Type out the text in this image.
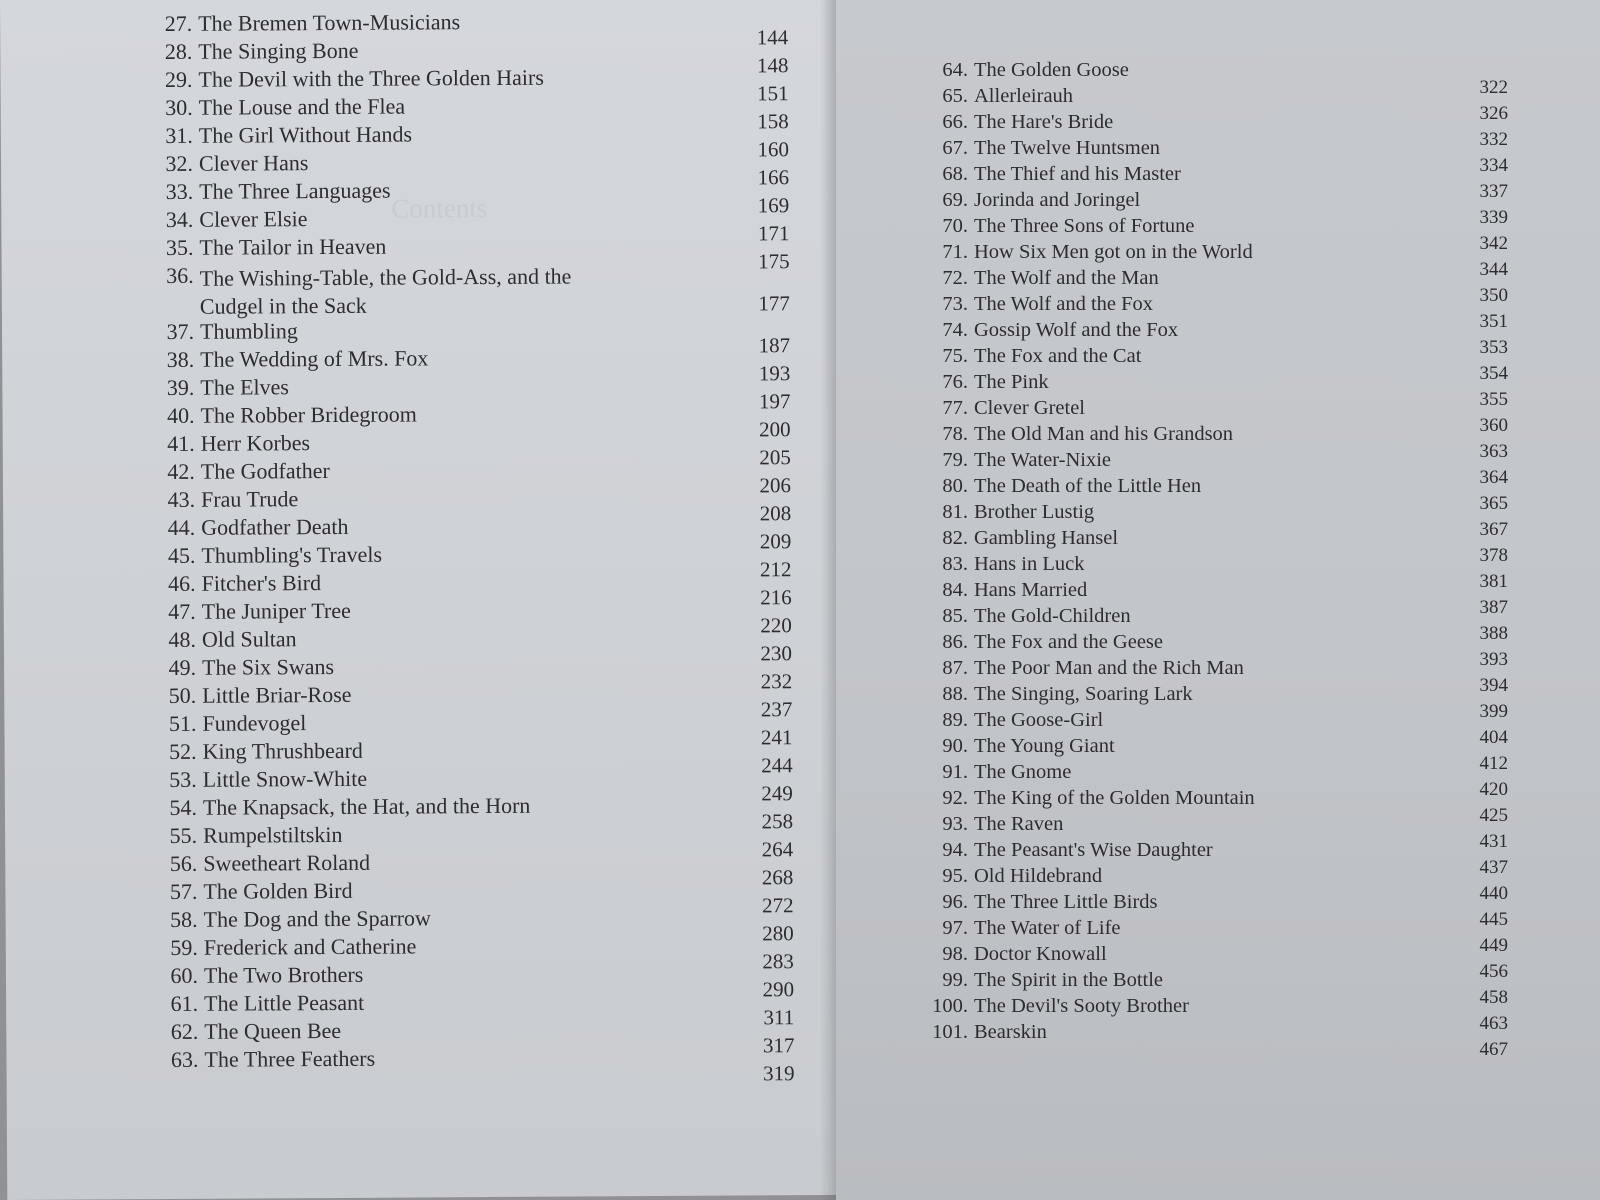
Contents
27. The Bremen Town-Musicians
144
28. The Singing Bone
148
29. The Devil with the Three Golden Hairs
151
30. The Louse and the Flea
158
31. The Girl Without Hands
160
32. Clever Hans
166
33. The Three Languages
169
34. Clever Elsie
171
35. The Tailor in Heaven
175
36. The Wishing-Table, the Gold-Ass, and the Cudgel in the Sack	177
37. Thumbling
187
38. The Wedding of Mrs. Fox
193
39. The Elves
197
40. The Robber Bridegroom
200
41. Herr Korbes
205
42. The Godfather
206
43. Frau Trude
208
44. Godfather Death
209
45. Thumbling's Travels
212
46. Fitcher's Bird
216
47. The Juniper Tree
220
48. Old Sultan
230
49. The Six Swans
232
50. Little Briar-Rose
237
51. Fundevogel
241
52. King Thrushbeard
244
53. Little Snow-White
249
54. The Knapsack, the Hat, and the Horn
258
55. Rumpelstiltskin
264
56. Sweetheart Roland
268
57. The Golden Bird
272
58. The Dog and the Sparrow
280
59. Frederick and Catherine
283
60. The Two Brothers
290
61. The Little Peasant
311
62. The Queen Bee
317
63. The Three Feathers
319
64. The Golden Goose
322
65. Allerleirauh
326
66. The Hare's Bride
332
67. The Twelve Huntsmen
334
68. The Thief and his Master
337
69. Jorinda and Joringel
339
70. The Three Sons of Fortune
342
71. How Six Men got on in the World
344
72. The Wolf and the Man
350
73. The Wolf and the Fox
351
74. Gossip Wolf and the Fox
353
75. The Fox and the Cat
354
76. The Pink
355
77. Clever Gretel
360
78. The Old Man and his Grandson
363
79. The Water-Nixie
364
80. The Death of the Little Hen
365
81. Brother Lustig
367
82. Gambling Hansel
378
83. Hans in Luck
381
84. Hans Married
387
85. The Gold-Children
388
86. The Fox and the Geese
393
87. The Poor Man and the Rich Man
394
88. The Singing, Soaring Lark
399
89. The Goose-Girl
404
90. The Young Giant
412
91. The Gnome
420
92. The King of the Golden Mountain
425
93. The Raven
431
94. The Peasant's Wise Daughter
437
95. Old Hildebrand
440
96. The Three Little Birds
445
97. The Water of Life
449
98. Doctor Knowall
456
99. The Spirit in the Bottle
458
100. The Devil's Sooty Brother
463
101. Bearskin
467
